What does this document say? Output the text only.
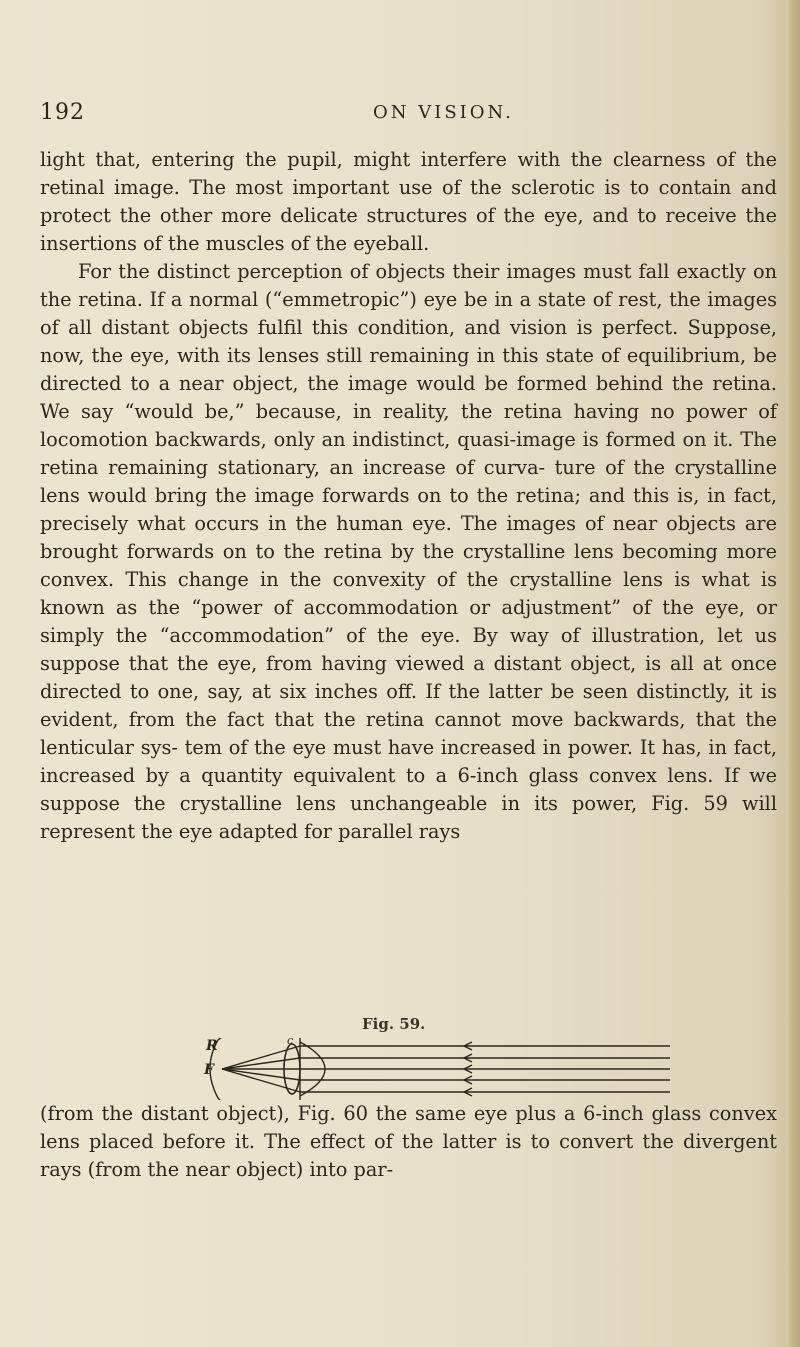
192	ON VISION.

light that, entering the pupil, might interfere with the clearness of the retinal image. The most important use of the sclerotic is to contain and protect the other more delicate structures of the eye, and to receive the insertions of the muscles of the eyeball.

For the distinct perception of objects their images must fall exactly on the retina. If a normal (“emmetropic”) eye be in a state of rest, the images of all distant objects fulfil this condition, and vision is perfect. Suppose, now, the eye, with its lenses still remaining in this state of equilibrium, be directed to a near object, the image would be formed behind the retina. We say “would be,” because, in reality, the retina having no power of locomotion backwards, only an indistinct, quasi-image is formed on it. The retina remaining stationary, an increase of curva- ture of the crystalline lens would bring the image forwards on to the retina; and this is, in fact, precisely what occurs in the human eye. The images of near objects are brought forwards on to the retina by the crystalline lens becoming more convex. This change in the convexity of the crystalline lens is what is known as the “power of accommodation or adjustment” of the eye, or simply the “accommodation” of the eye. By way of illustration, let us suppose that the eye, from having viewed a distant object, is all at once directed to one, say, at six inches off. If the latter be seen distinctly, it is evident, from the fact that the retina cannot move backwards, that the lenticular sys- tem of the eye must have increased in power. It has, in fact, increased by a quantity equivalent to a 6-inch glass convex lens. If we suppose the crystalline lens unchangeable in its power, Fig. 59 will represent the eye adapted for parallel rays

Fig. 59.
R
F
c

(from the distant object), Fig. 60 the same eye plus a 6-inch glass convex lens placed before it. The effect of the latter is to convert the divergent rays (from the near object) into par-
